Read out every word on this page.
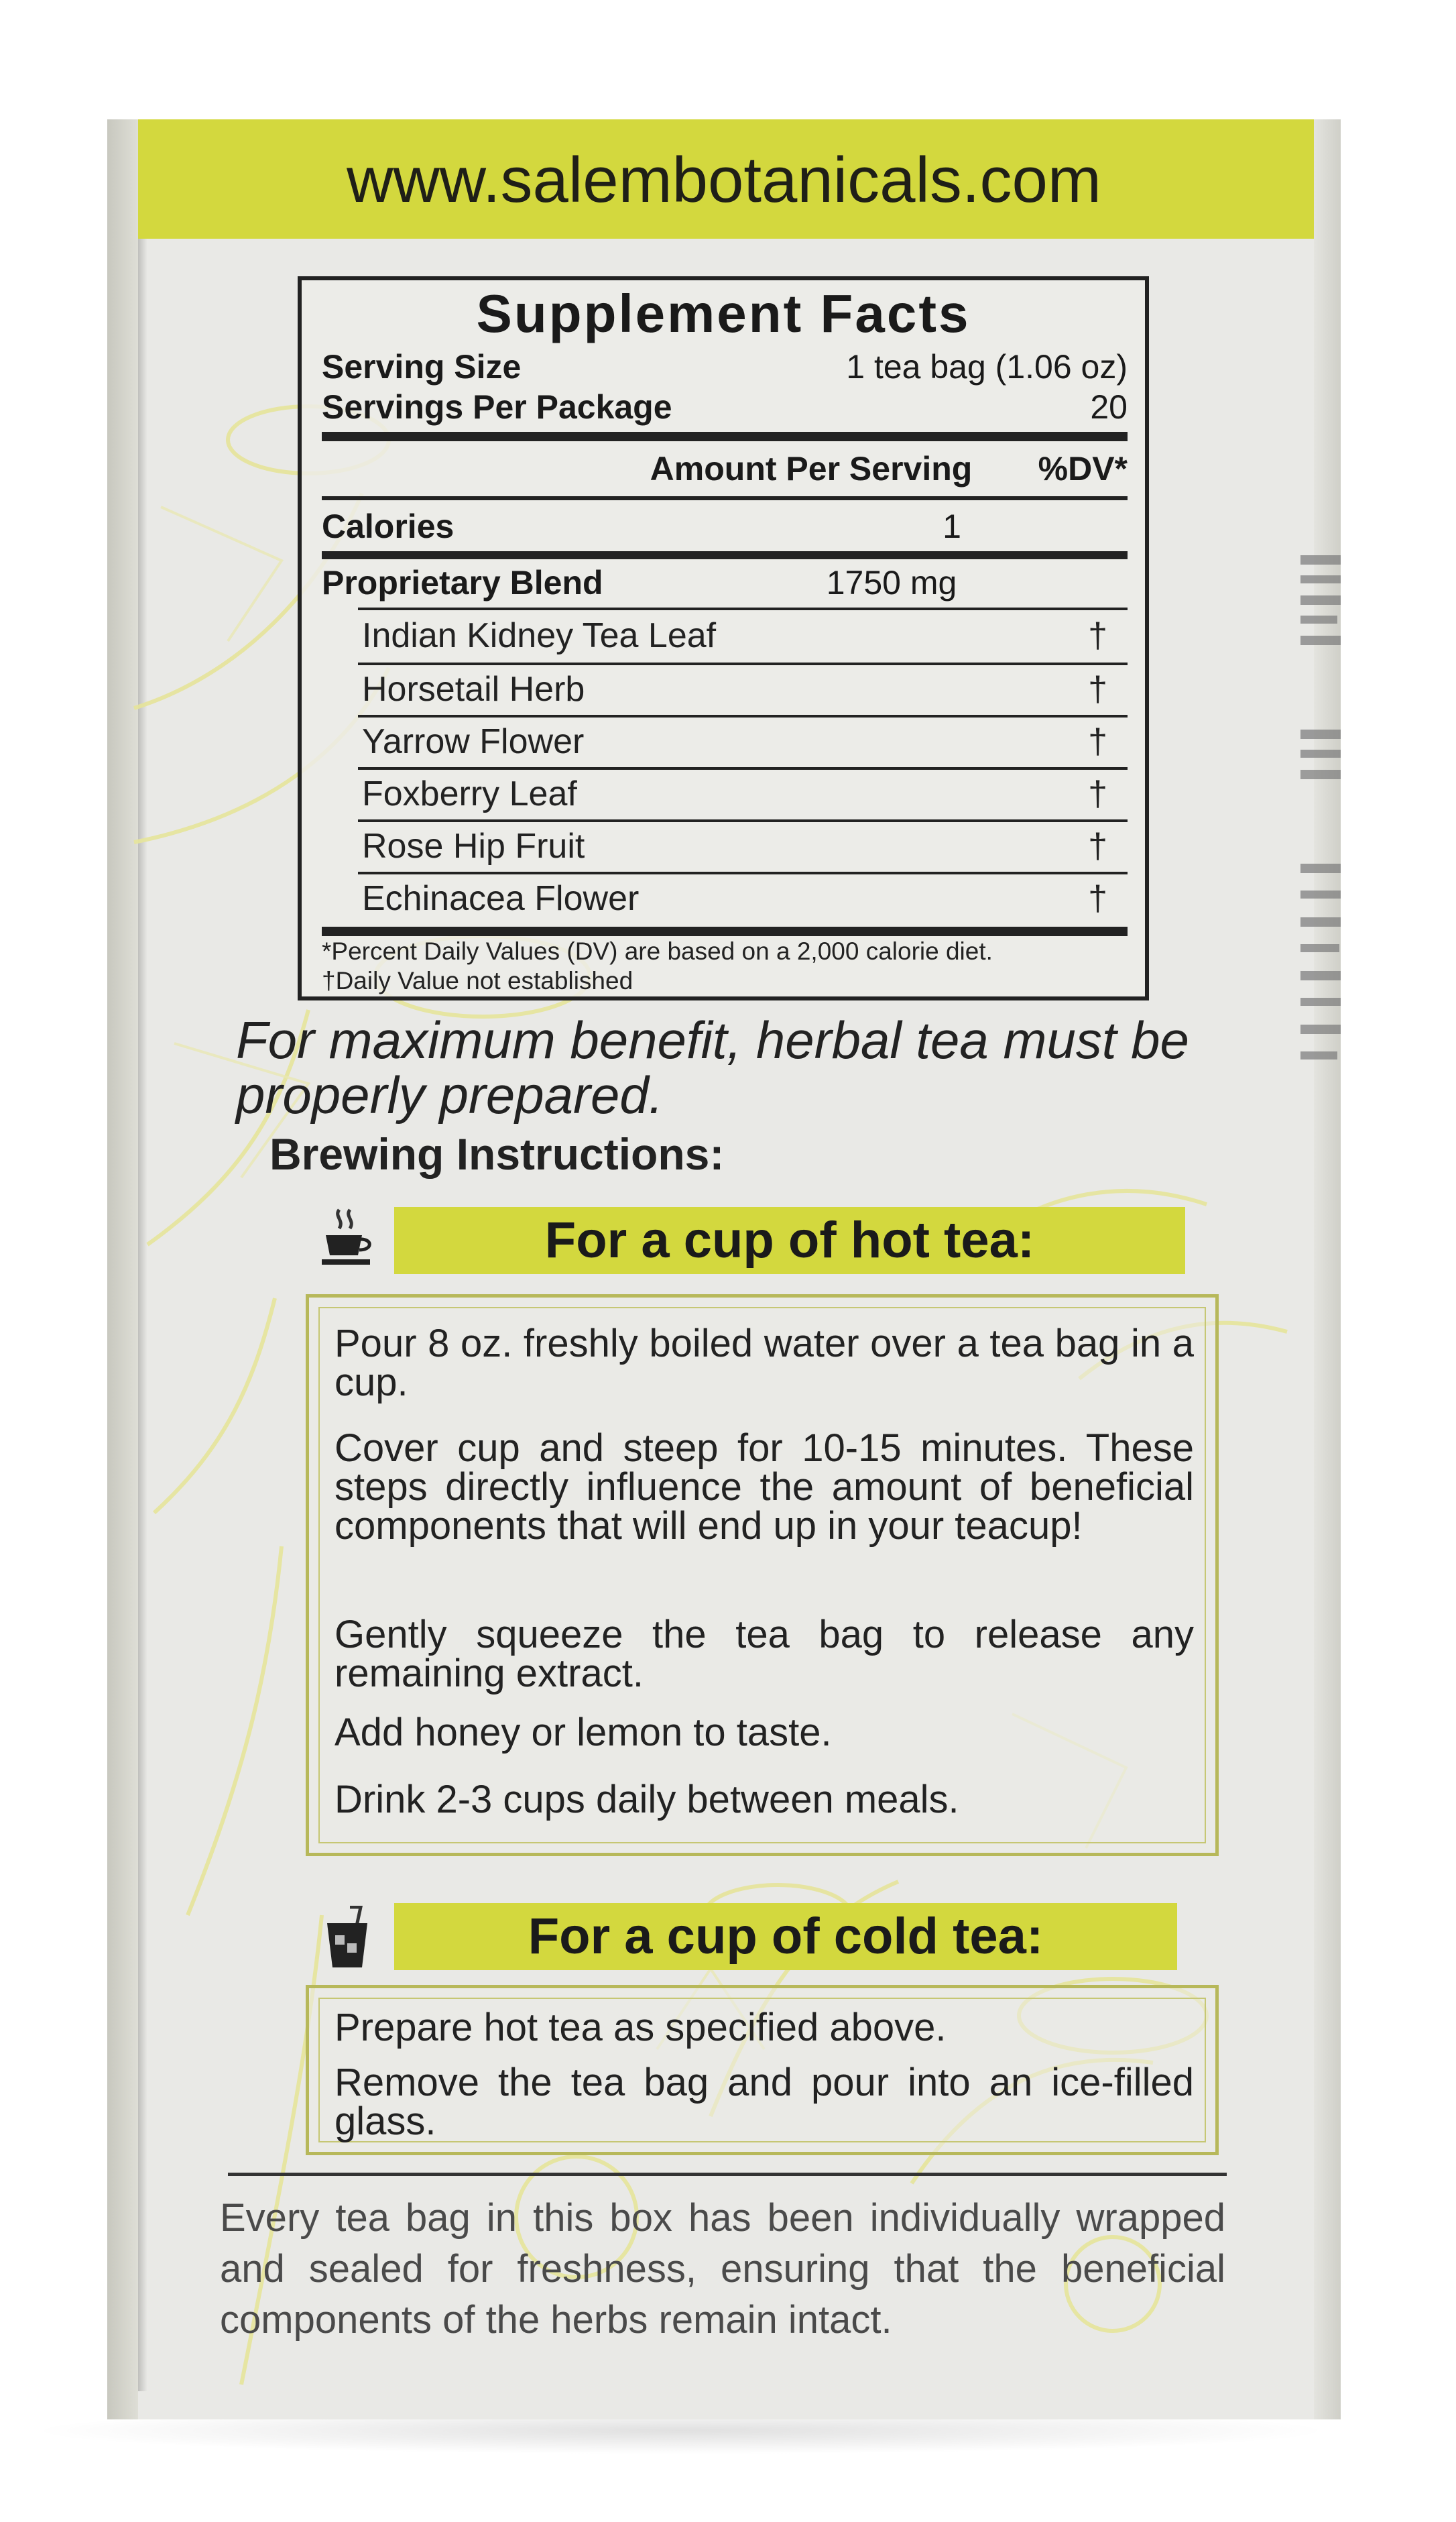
www.salembotanicals.com
Supplement Facts
Serving Size	1 tea bag (1.06 oz)
Servings Per Package	20
Amount Per Serving %DV*
Calories	1
Proprietary Blend	1750 mg
Indian Kidney Tea Leaf	†
Horsetail Herb	†
Yarrow Flower	†
Foxberry Leaf	†
Rose Hip Fruit	†
Echinacea Flower	†
*Percent Daily Values (DV) are based on a 2,000 calorie diet.
†Daily Value not established
For maximum benefit, herbal tea must be
properly prepared.
Brewing Instructions:
For a cup of hot tea:
Pour 8 oz. freshly boiled water over a tea bag in a cup.
Cover cup and steep for 10-15 minutes. These steps directly influence the amount of beneficial components that will end up in your teacup!
Gently squeeze the tea bag to release any remaining extract.
Add honey or lemon to taste.
Drink 2-3 cups daily between meals.
For a cup of cold tea:
Prepare hot tea as specified above.
Remove the tea bag and pour into an ice-filled glass.
Every tea bag in this box has been individually wrapped and sealed for freshness, ensuring that the beneficial components of the herbs remain intact.
